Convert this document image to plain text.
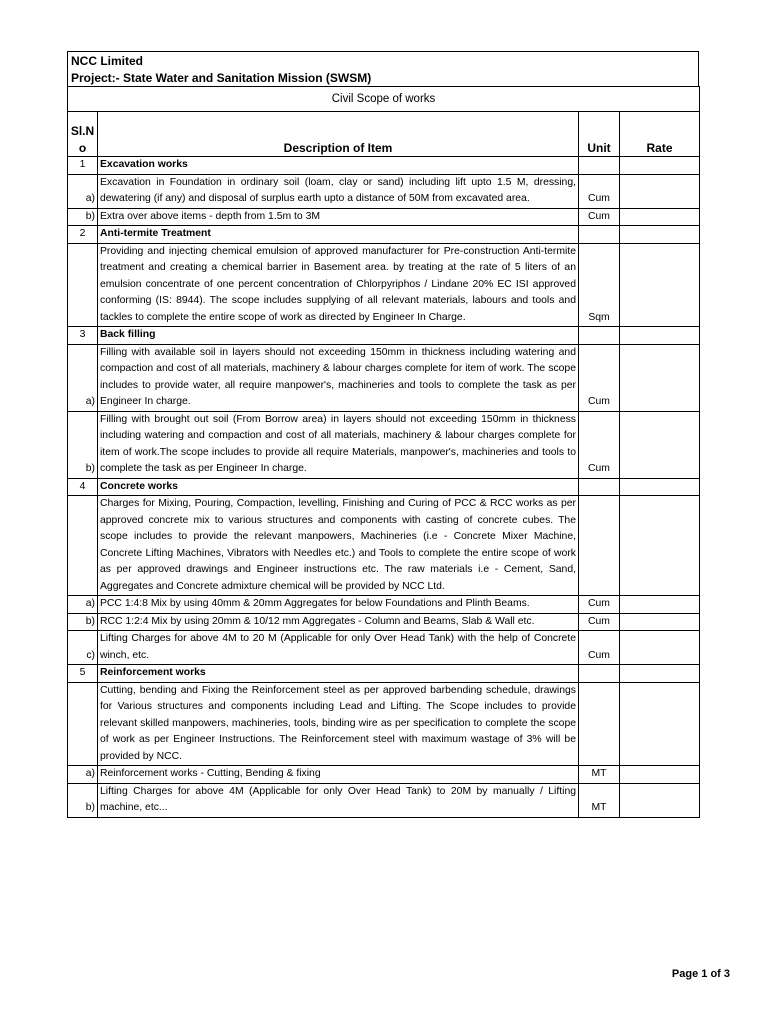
NCC Limited
Project:- State Water and Sanitation Mission (SWSM)
Civil Scope of works			
Sl.No	Description of Item	Unit	Rate
1	Excavation works		
a)	Excavation in Foundation in ordinary soil (loam, clay or sand) including lift upto 1.5 M, dressing, dewatering (if any) and disposal of surplus earth upto a distance of 50M from excavated area.	Cum	
b)	Extra over above items - depth from 1.5m to 3M	Cum	
2	Anti-termite Treatment		
	Providing and injecting chemical emulsion of approved manufacturer for Pre-construction Anti-termite treatment and creating a chemical barrier in Basement area. by treating at the rate of 5 liters of an emulsion concentrate of one percent concentration of Chlorpyriphos / Lindane 20% EC ISI approved conforming (IS: 8944). The scope includes supplying of all relevant materials, labours and tools and tackles to complete the entire scope of work as directed by Engineer In Charge.	Sqm	
3	Back filling		
a)	Filling with available soil in layers should not exceeding 150mm in thickness including watering and compaction and cost of all materials, machinery & labour charges complete for item of work. The scope includes to provide water, all require manpower's, machineries and tools to complete the task as per Engineer In charge.	Cum	
b)	Filling with brought out soil (From Borrow area) in layers should not exceeding 150mm in thickness including watering and compaction and cost of all materials, machinery & labour charges complete for item of work.The scope includes to provide all require Materials, manpower's, machineries and tools to complete the task as per Engineer In charge.	Cum	
4	Concrete works		
	Charges for Mixing, Pouring, Compaction, levelling, Finishing and Curing of PCC & RCC works as per approved concrete mix to various structures and components with casting of concrete cubes. The scope includes to provide the relevant manpowers, Machineries (i.e - Concrete Mixer Machine, Concrete Lifting Machines, Vibrators with Needles etc.) and Tools to complete the entire scope of work as per approved drawings and Engineer instructions etc. The raw materials i.e - Cement, Sand, Aggregates and Concrete admixture chemical will be provided by NCC Ltd.		
a)	PCC 1:4:8 Mix by using 40mm & 20mm Aggregates for below Foundations and Plinth Beams.	Cum	
b)	RCC 1:2:4 Mix by using 20mm & 10/12 mm Aggregates - Column and Beams, Slab & Wall etc.	Cum	
c)	Lifting Charges for above 4M to 20 M (Applicable for only Over Head Tank) with the help of Concrete winch, etc.	Cum	
5	Reinforcement works		
	Cutting, bending and Fixing the Reinforcement steel as per approved barbending schedule, drawings for Various structures and components including Lead and Lifting. The Scope includes to provide relevant skilled manpowers, machineries, tools, binding wire as per specification to complete the scope of work as per Engineer Instructions. The Reinforcement steel with maximum wastage of 3% will be provided by NCC.		
a)	Reinforcement works - Cutting, Bending & fixing	MT	
b)	Lifting Charges for above 4M (Applicable for only Over Head Tank) to 20M by manually / Lifting machine, etc...	MT	
Page 1 of 3
